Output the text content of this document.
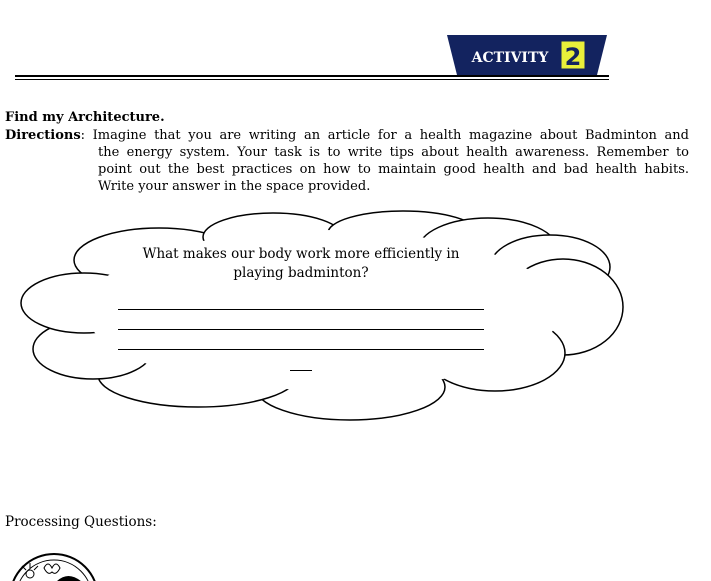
ACTIVITY 2
Find my Architecture.
Directions: Imagine that you are writing an article for a health magazine about Badminton and
the energy system. Your task is to write tips about health awareness. Remember to
point out the best practices on how to maintain good health and bad health habits.
Write your answer in the space provided.
What makes our body work more efficiently in
playing badminton?
Processing Questions:
